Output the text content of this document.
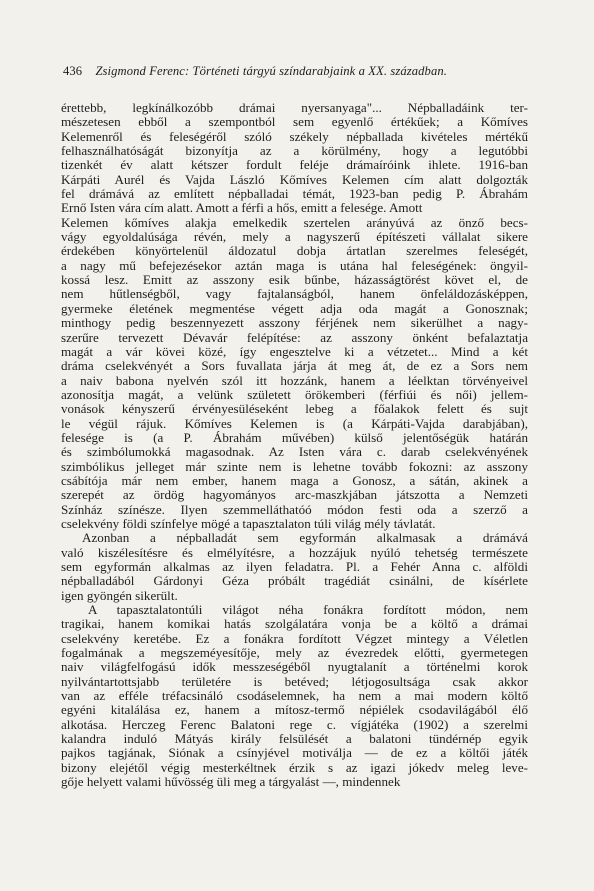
436 Zsigmond Ferenc: Történeti tárgyú színdarabjaink a XX. században.
érettebb, legkínálkozóbb drámai nyersanyaga"... Népballadáink ter-
mészetesen ebből a szempontból sem egyenlő értékűek; a Kőmíves
Kelemenről és feleségéről szóló székely népballada kivételes mértékű
felhasználhatóságát bizonyítja az a körülmény, hogy a legutóbbi
tizenkét év alatt kétszer fordult feléje drámaíróink ihlete. 1916-ban
Kárpáti Aurél és Vajda László Kőmíves Kelemen cím alatt dolgozták
fel drámává az említett népballadai témát, 1923-ban pedig P. Ábrahám
Ernő Isten vára cím alatt. Amott a férfi a hős, emitt a felesége. Amott
Kelemen kőmíves alakja emelkedik szertelen arányúvá az önző becs-
vágy egyoldalúsága révén, mely a nagyszerű építészeti vállalat sikere
érdekében könyörtelenül áldozatul dobja ártatlan szerelmes feleségét,
a nagy mű befejezésekor aztán maga is utána hal feleségének: öngyil-
kossá lesz. Emitt az asszony esik bűnbe, házasságtörést követ el, de
nem hűtlenségből, vagy fajtalanságból, hanem önfeláldozásképpen,
gyermeke életének megmentése végett adja oda magát a Gonosznak;
minthogy pedig beszennyezett asszony férjének nem sikerülhet a nagy-
szerűre tervezett Dévavár felépítése: az asszony önként befalaztatja
magát a vár kövei közé, így engesztelve ki a vétzetet... Mind a két
dráma cselekvényét a Sors fuvallata járja át meg át, de ez a Sors nem
a naiv babona nyelvén szól itt hozzánk, hanem a léelktan törvényeivel
azonosítja magát, a velünk született örökemberi (férfiúi és női) jellem-
vonások kényszerű érvényesüléseként lebeg a főalakok felett és sujt
le végül rájuk. Kőmíves Kelemen is (a Kárpáti-Vajda darabjában),
felesége is (a P. Ábrahám művében) külső jelentőségük határán
és szimbólumokká magasodnak. Az Isten vára c. darab cselekvényének
szimbólikus jelleget már szinte nem is lehetne tovább fokozni: az asszony
csábítója már nem ember, hanem maga a Gonosz, a sátán, akinek a
szerepét az ördög hagyományos arc-maszkjában játszotta a Nemzeti
Színház színésze. Ilyen szemmelláthatóó módon festi oda a szerző a
cselekvény földi színfelye mögé a tapasztalaton túli világ mély távlatát.
Azonban a népballadát sem egyformán alkalmasak a drámává
való kiszélesítésre és elmélyítésre, a hozzájuk nyúló tehetség természete
sem egyformán alkalmas az ilyen feladatra. Pl. a Fehér Anna c. alföldi
népballadából Gárdonyi Géza próbált tragédiát csinálni, de kísérlete
igen gyöngén sikerült.
A tapasztalatontúli világot néha fonákra fordított módon, nem
tragikai, hanem komikai hatás szolgálatára vonja be a költő a drámai
cselekvény keretébe. Ez a fonákra fordított Végzet mintegy a Véletlen
fogalmának a megszeméyesítője, mely az évezredek előtti, gyermetegen
naiv világfelfogású idők messzeségéből nyugtalanít a történelmi korok
nyilvántartottsjabb területére is betéved; létjogosultsága csak akkor
van az efféle tréfacsináló csodáselemnek, ha nem a mai modern költő
egyéni kitalálása ez, hanem a mítosz-termő népiélek csodavilágából élő
alkotása. Herczeg Ferenc Balatoni rege c. vígjátéka (1902) a szerelmi
kalandra induló Mátyás király felsülését a balatoni tündérnép egyik
pajkos tagjának, Siónak a csínyjével motiválja — de ez a költői játék
bizony elejétől végig mesterkéltnek érzik s az igazi jókedv meleg leve-
gője helyett valami hűvösség üli meg a tárgyalást —, mindennek
